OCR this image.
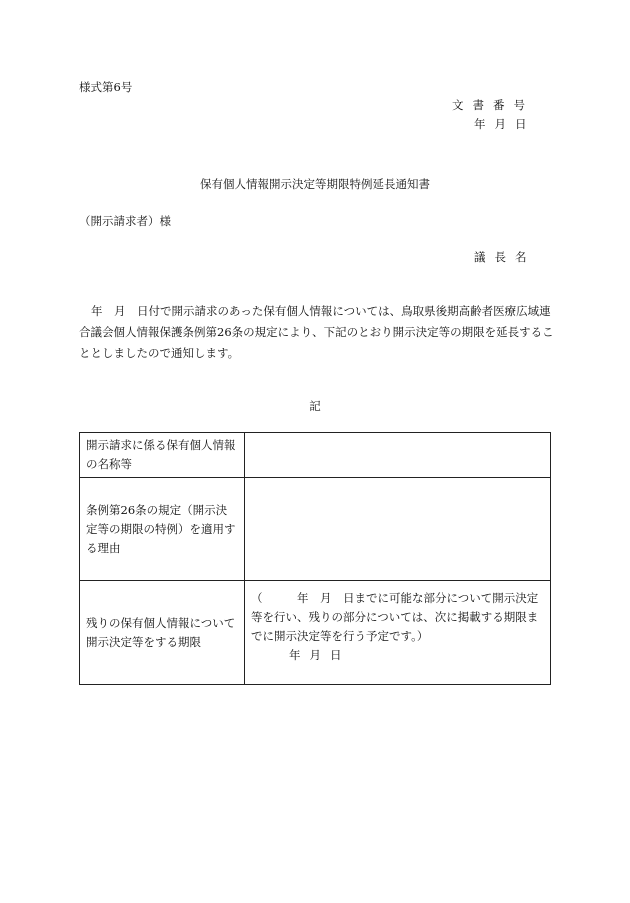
様式第6号
文書番号
年月日
保有個人情報開示決定等期限特例延長通知書
（開示請求者）様
議長名
年　月　日付で開示請求のあった保有個人情報については、鳥取県後期高齢者医療広域連合議会個人情報保護条例第26条の規定により、下記のとおり開示決定等の期限を延長することとしましたので通知します。
記
開示請求に係る保有個人情報の名称等	
条例第26条の規定（開示決定等の期限の特例）を適用する理由	
残りの保有個人情報について開示決定等をする期限	（　　　年　月　日までに可能な部分について開示決定等を行い、残りの部分については、次に掲載する期限までに開示決定等を行う予定です。）
年月日
